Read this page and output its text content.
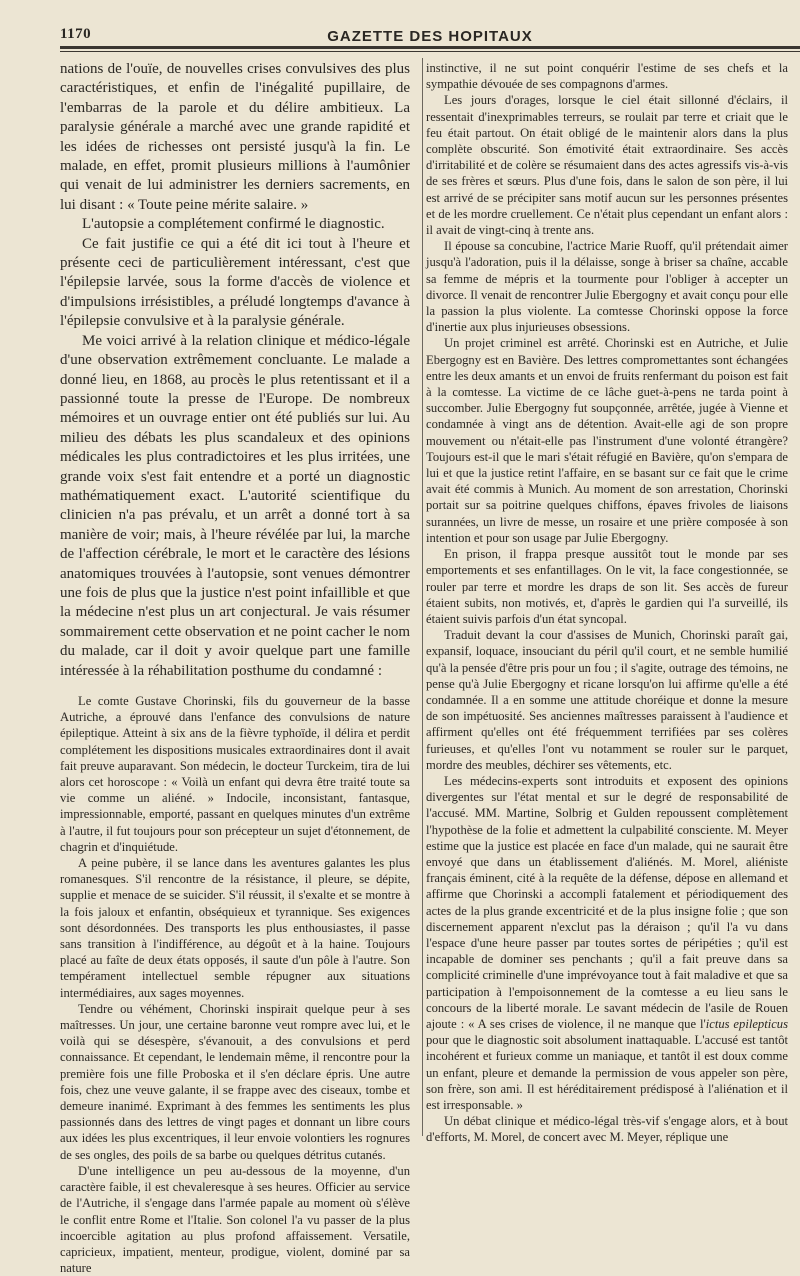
1170	GAZETTE DES HOPITAUX

nations de l'ouïe, de nouvelles crises convulsives des plus caractéristiques, et enfin de l'inégalité pupillaire, de l'embarras de la parole et du délire ambitieux. La paralysie générale a marché avec une grande rapidité et les idées de richesses ont persisté jusqu'à la fin. Le malade, en effet, promit plusieurs millions à l'aumônier qui venait de lui administrer les derniers sacrements, en lui disant : « Toute peine mérite salaire. »

L'autopsie a complétement confirmé le diagnostic.

Ce fait justifie ce qui a été dit ici tout à l'heure et présente ceci de particulièrement intéressant, c'est que l'épilepsie larvée, sous la forme d'accès de violence et d'impulsions irrésistibles, a préludé longtemps d'avance à l'épilepsie convulsive et à la paralysie générale.

Me voici arrivé à la relation clinique et médico-légale d'une observation extrêmement concluante. Le malade a donné lieu, en 1868, au procès le plus retentissant et il a passionné toute la presse de l'Europe. De nombreux mémoires et un ouvrage entier ont été publiés sur lui. Au milieu des débats les plus scandaleux et des opinions médicales les plus contradictoires et les plus irritées, une grande voix s'est fait entendre et a porté un diagnostic mathématiquement exact. L'autorité scientifique du clinicien n'a pas prévalu, et un arrêt a donné tort à sa manière de voir; mais, à l'heure révélée par lui, la marche de l'affection cérébrale, le mort et le caractère des lésions anatomiques trouvées à l'autopsie, sont venues démontrer une fois de plus que la justice n'est point infaillible et que la médecine n'est plus un art conjectural. Je vais résumer sommairement cette observation et ne point cacher le nom du malade, car il doit y avoir quelque part une famille intéressée à la réhabilitation posthume du condamné :

Le comte Gustave Chorinski, fils du gouverneur de la basse Autriche, a éprouvé dans l'enfance des convulsions de nature épileptique. Atteint à six ans de la fièvre typhoïde, il délira et perdit complétement les dispositions musicales extraordinaires dont il avait fait preuve auparavant. Son médecin, le docteur Turckeim, tira de lui alors cet horoscope : « Voilà un enfant qui devra être traité toute sa vie comme un aliéné. » Indocile, inconsistant, fantasque, impressionnable, emporté, passant en quelques minutes d'un extrême à l'autre, il fut toujours pour son précepteur un sujet d'étonnement, de chagrin et d'inquiétude.

A peine pubère, il se lance dans les aventures galantes les plus romanesques. S'il rencontre de la résistance, il pleure, se dépite, supplie et menace de se suicider. S'il réussit, il s'exalte et se montre à la fois jaloux et enfantin, obséquieux et tyrannique. Ses exigences sont désordonnées. Des transports les plus enthousiastes, il passe sans transition à l'indifférence, au dégoût et à la haine. Toujours placé au faîte de deux états opposés, il saute d'un pôle à l'autre. Son tempérament intellectuel semble répugner aux situations intermédiaires, aux sages moyennes.

Tendre ou véhément, Chorinski inspirait quelque peur à ses maîtresses. Un jour, une certaine baronne veut rompre avec lui, et le voilà qui se désespère, s'évanouit, a des convulsions et perd connaissance. Et cependant, le lendemain même, il rencontre pour la première fois une fille Proboska et il s'en déclare épris. Une autre fois, chez une veuve galante, il se frappe avec des ciseaux, tombe et demeure inanimé. Exprimant à des femmes les sentiments les plus passionnés dans des lettres de vingt pages et donnant un libre cours aux idées les plus excentriques, il leur envoie volontiers les rognures de ses ongles, des poils de sa barbe ou quelques détritus cutanés.

D'une intelligence un peu au-dessous de la moyenne, d'un caractère faible, il est chevaleresque à ses heures. Officier au service de l'Autriche, il s'engage dans l'armée papale au moment où s'élève le conflit entre Rome et l'Italie. Son colonel l'a vu passer de la plus incoercible agitation au plus profond affaissement. Versatile, capricieux, impatient, menteur, prodigue, violent, dominé par sa nature

instinctive, il ne sut point conquérir l'estime de ses chefs et la sympathie dévouée de ses compagnons d'armes.

Les jours d'orages, lorsque le ciel était sillonné d'éclairs, il ressentait d'inexprimables terreurs, se roulait par terre et criait que le feu était partout. On était obligé de le maintenir alors dans la plus complète obscurité. Son émotivité était extraordinaire. Ses accès d'irritabilité et de colère se résumaient dans des actes agressifs vis-à-vis de ses frères et sœurs. Plus d'une fois, dans le salon de son père, il lui est arrivé de se précipiter sans motif aucun sur les personnes présentes et de les mordre cruellement. Ce n'était plus cependant un enfant alors : il avait de vingt-cinq à trente ans.

Il épouse sa concubine, l'actrice Marie Ruoff, qu'il prétendait aimer jusqu'à l'adoration, puis il la délaisse, songe à briser sa chaîne, accable sa femme de mépris et la tourmente pour l'obliger à accepter un divorce. Il venait de rencontrer Julie Ebergogny et avait conçu pour elle la passion la plus violente. La comtesse Chorinski oppose la force d'inertie aux plus injurieuses obsessions.

Un projet criminel est arrêté. Chorinski est en Autriche, et Julie Ebergogny est en Bavière. Des lettres compromettantes sont échangées entre les deux amants et un envoi de fruits renfermant du poison est fait à la comtesse. La victime de ce lâche guet-à-pens ne tarda point à succomber. Julie Ebergogny fut soupçonnée, arrêtée, jugée à Vienne et condamnée à vingt ans de détention. Avait-elle agi de son propre mouvement ou n'était-elle pas l'instrument d'une volonté étrangère? Toujours est-il que le mari s'était réfugié en Bavière, qu'on s'empara de lui et que la justice retint l'affaire, en se basant sur ce fait que le crime avait été commis à Munich. Au moment de son arrestation, Chorinski portait sur sa poitrine quelques chiffons, épaves frivoles de liaisons surannées, un livre de messe, un rosaire et une prière composée à son intention et pour son usage par Julie Ebergogny.

En prison, il frappa presque aussitôt tout le monde par ses emportements et ses enfantillages. On le vit, la face congestionnée, se rouler par terre et mordre les draps de son lit. Ses accès de fureur étaient subits, non motivés, et, d'après le gardien qui l'a surveillé, ils étaient suivis parfois d'un état syncopal.

Traduit devant la cour d'assises de Munich, Chorinski paraît gai, expansif, loquace, insouciant du péril qu'il court, et ne semble humilié qu'à la pensée d'être pris pour un fou ; il s'agite, outrage des témoins, ne pense qu'à Julie Ebergogny et ricane lorsqu'on lui affirme qu'elle a été condamnée. Il a en somme une attitude choréique et donne la mesure de son impétuosité. Ses anciennes maîtresses paraissent à l'audience et affirment qu'elles ont été fréquemment terrifiées par ses colères furieuses, et qu'elles l'ont vu notamment se rouler sur le parquet, mordre des meubles, déchirer ses vêtements, etc.

Les médecins-experts sont introduits et exposent des opinions divergentes sur l'état mental et sur le degré de responsabilité de l'accusé. MM. Martine, Solbrig et Gulden repoussent complètement l'hypothèse de la folie et admettent la culpabilité consciente. M. Meyer estime que la justice est placée en face d'un malade, qui ne saurait être envoyé que dans un établissement d'aliénés. M. Morel, aliéniste français éminent, cité à la requête de la défense, dépose en allemand et affirme que Chorinski a accompli fatalement et périodiquement des actes de la plus grande excentricité et de la plus insigne folie ; que son discernement apparent n'exclut pas la déraison ; qu'il l'a vu dans l'espace d'une heure passer par toutes sortes de péripéties ; qu'il est incapable de dominer ses penchants ; qu'il a fait preuve dans sa complicité criminelle d'une imprévoyance tout à fait maladive et que sa participation à l'empoisonnement de la comtesse a eu lieu sans le concours de la liberté morale. Le savant médecin de l'asile de Rouen ajoute : « A ses crises de violence, il ne manque que l'ictus epilepticus pour que le diagnostic soit absolument inattaquable. L'accusé est tantôt incohérent et furieux comme un maniaque, et tantôt il est doux comme un enfant, pleure et demande la permission de vous appeler son père, son frère, son ami. Il est héréditairement prédisposé à l'aliénation et il est irresponsable. »

Un débat clinique et médico-légal très-vif s'engage alors, et à bout d'efforts, M. Morel, de concert avec M. Meyer, réplique une
